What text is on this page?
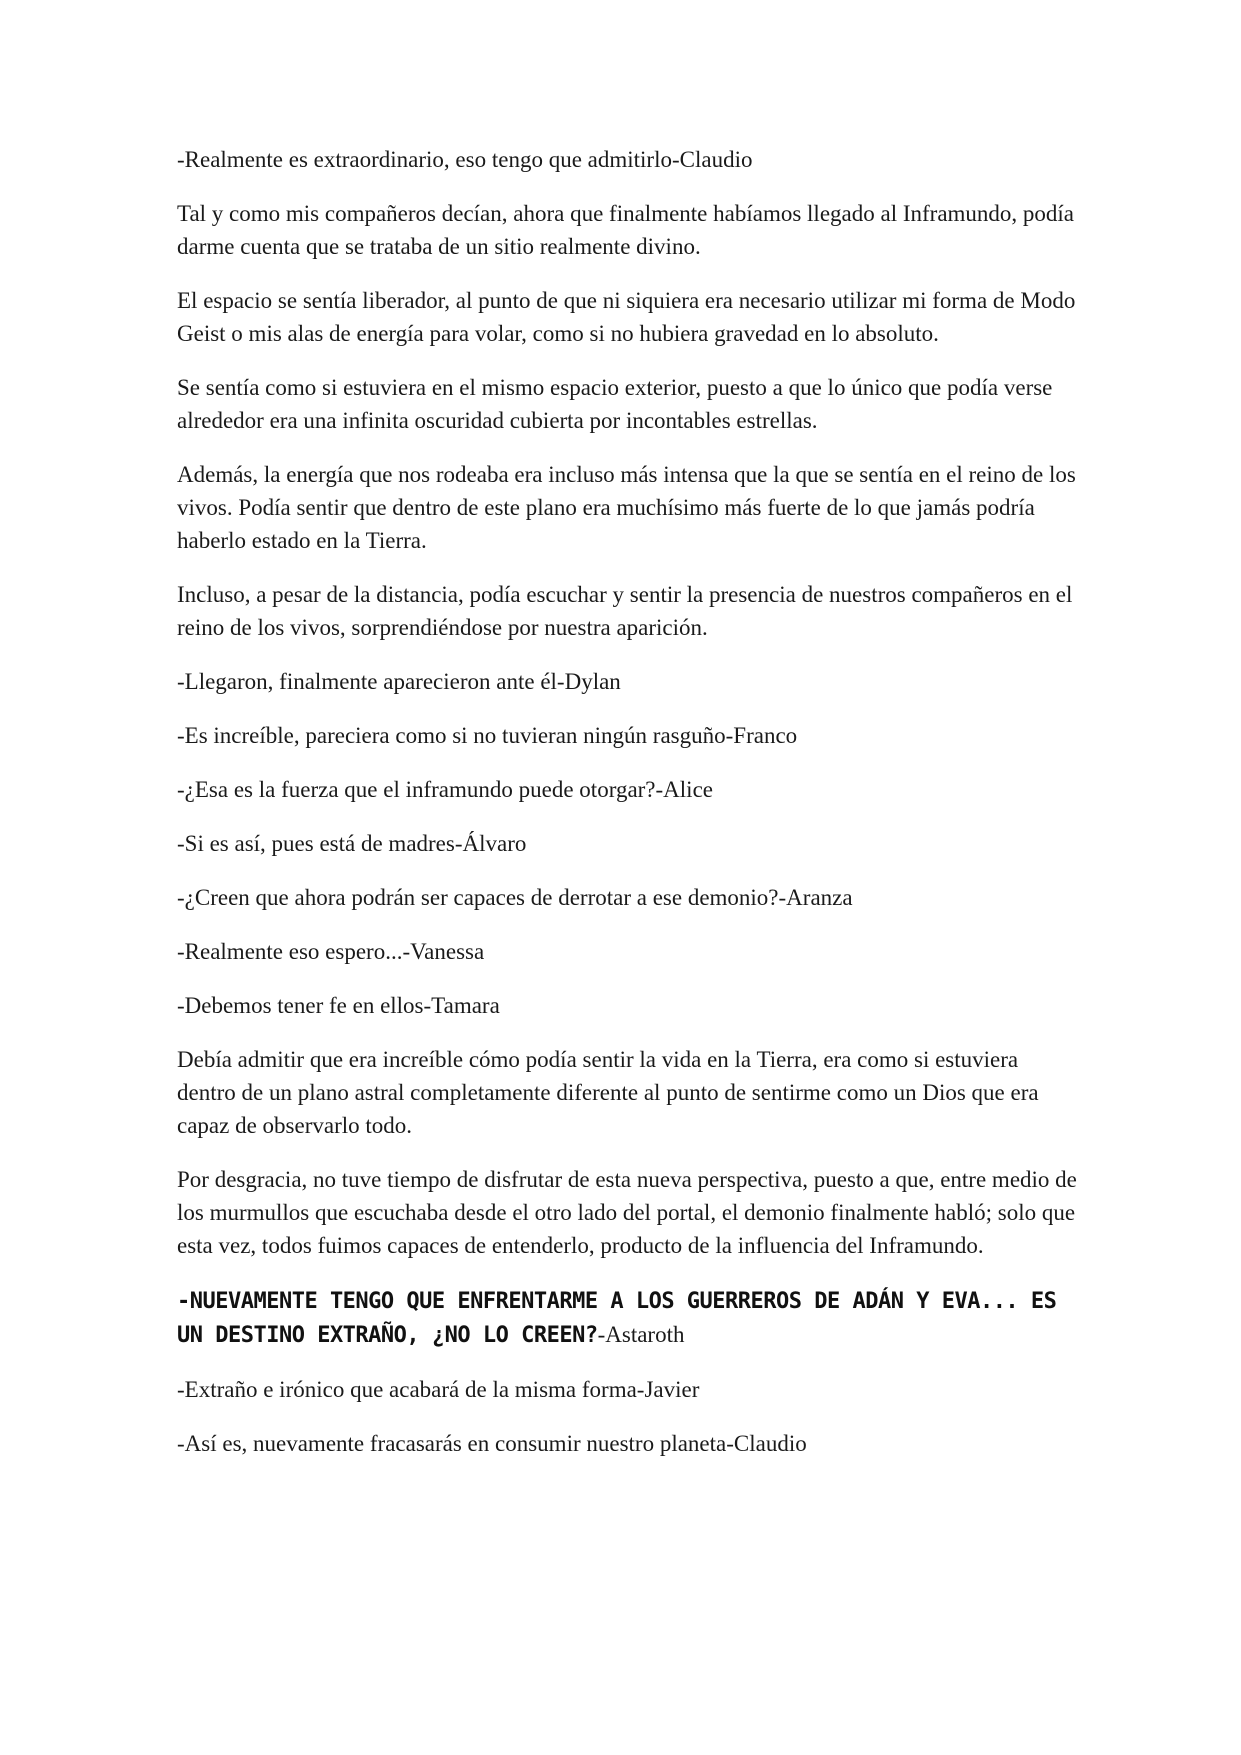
-Realmente es extraordinario, eso tengo que admitirlo-Claudio

Tal y como mis compañeros decían, ahora que finalmente habíamos llegado al Inframundo, podía darme cuenta que se trataba de un sitio realmente divino.

El espacio se sentía liberador, al punto de que ni siquiera era necesario utilizar mi forma de Modo Geist o mis alas de energía para volar, como si no hubiera gravedad en lo absoluto.

Se sentía como si estuviera en el mismo espacio exterior, puesto a que lo único que podía verse alrededor era una infinita oscuridad cubierta por incontables estrellas.

Además, la energía que nos rodeaba era incluso más intensa que la que se sentía en el reino de los vivos. Podía sentir que dentro de este plano era muchísimo más fuerte de lo que jamás podría haberlo estado en la Tierra.

Incluso, a pesar de la distancia, podía escuchar y sentir la presencia de nuestros compañeros en el reino de los vivos, sorprendiéndose por nuestra aparición.

-Llegaron, finalmente aparecieron ante él-Dylan

-Es increíble, pareciera como si no tuvieran ningún rasguño-Franco

-¿Esa es la fuerza que el inframundo puede otorgar?-Alice

-Si es así, pues está de madres-Álvaro

-¿Creen que ahora podrán ser capaces de derrotar a ese demonio?-Aranza

-Realmente eso espero...-Vanessa

-Debemos tener fe en ellos-Tamara

Debía admitir que era increíble cómo podía sentir la vida en la Tierra, era como si estuviera dentro de un plano astral completamente diferente al punto de sentirme como un Dios que era capaz de observarlo todo.

Por desgracia, no tuve tiempo de disfrutar de esta nueva perspectiva, puesto a que, entre medio de los murmullos que escuchaba desde el otro lado del portal, el demonio finalmente habló; solo que esta vez, todos fuimos capaces de entenderlo, producto de la influencia del Inframundo.

-NUEVAMENTE TENGO QUE ENFRENTARME A LOS GUERREROS DE ADÁN Y EVA... ES UN DESTINO EXTRAÑO, ¿NO LO CREEN?-Astaroth

-Extraño e irónico que acabará de la misma forma-Javier

-Así es, nuevamente fracasarás en consumir nuestro planeta-Claudio
